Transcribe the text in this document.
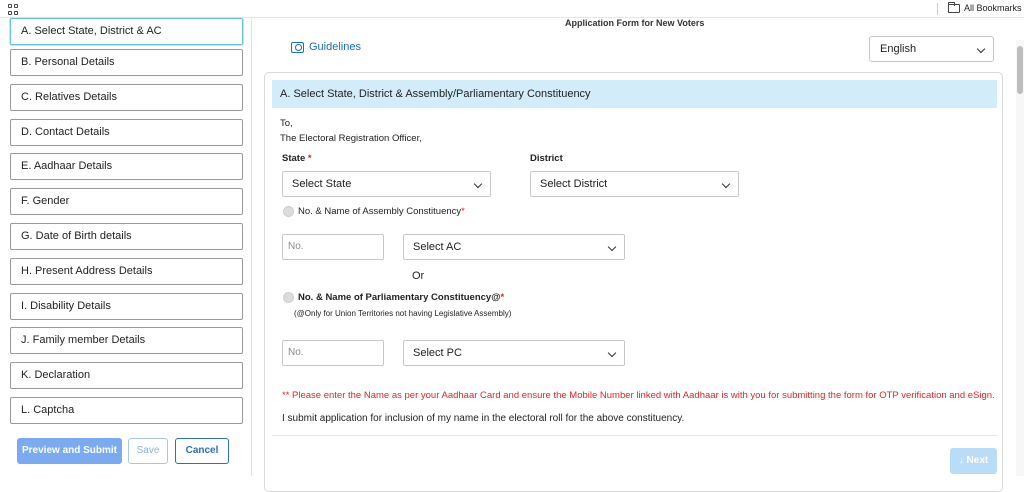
All Bookmarks
A. Select State, District & AC
B. Personal Details
C. Relatives Details
D. Contact Details
E. Aadhaar Details
F. Gender
G. Date of Birth details
H. Present Address Details
I. Disability Details
J. Family member Details
K. Declaration
L. Captcha
Preview and Submit	Save	Cancel
Application Form for New Voters
Guidelines	English
A. Select State, District & Assembly/Parliamentary Constituency
To,
The Electoral Registration Officer,
State *
Select State
District
Select District
No. & Name of Assembly Constituency*
No.	Select AC
Or
No. & Name of Parliamentary Constituency@*
(@Only for Union Territories not having Legislative Assembly)
No.	Select PC
** Please enter the Name as per your Aadhaar Card and ensure the Mobile Number linked with Aadhaar is with you for submitting the form for OTP verification and eSign.
I submit application for inclusion of my name in the electoral roll for the above constituency.
↓ Next
